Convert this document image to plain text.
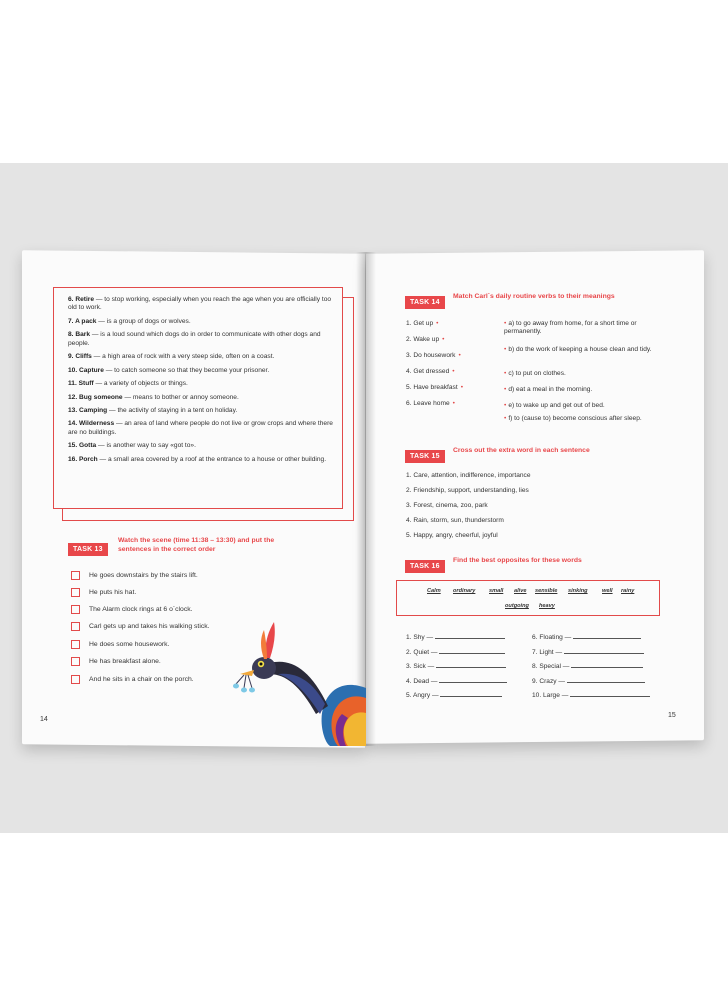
6. Retire — to stop working, especially when you reach the age when you are officially too old to work.

7. A pack — is a group of dogs or wolves.

8. Bark — is a loud sound which dogs do in order to communicate with other dogs and people.

9. Cliffs — a high area of rock with a very steep side, often on a coast.

10. Capture — to catch someone so that they become your prisoner.

11. Stuff — a variety of objects or things.

12. Bug someone — means to bother or annoy someone.

13. Camping — the activity of staying in a tent on holiday.

14. Wilderness — an area of land where people do not live or grow crops and where there are no buildings.

15. Gotta — is another way to say «got to».

16. Porch — a small area covered by a roof at the entrance to a house or other building.

TASK 13
Watch the scene (time 11:38 – 13:30) and put the
sentences in the correct order
He goes downstairs by the stairs lift.
He puts his hat.
The Alarm clock rings at 6 o`clock.
Carl gets up and takes his walking stick.
He does some housework.
He has breakfast alone.
And he sits in a chair on the porch.
14
TASK 14
Match Carl`s daily routine verbs to their meanings
1. Get up •
2. Wake up •
3. Do housework •
4. Get dressed •
5. Have breakfast •
6. Leave home •
• a) to go away from home, for a short time or permanently.
• b) do the work of keeping a house clean and tidy.
• c) to put on clothes.
• d) eat a meal in the morning.
• e) to wake up and get out of bed.
• f) to (cause to) become conscious after sleep.
TASK 15
Cross out the extra word in each sentence
1. Care, attention, indifference, importance
2. Friendship, support, understanding, lies
3. Forest, cinema, zoo, park
4. Rain, storm, sun, thunderstorm
5. Happy, angry, cheerful, joyful
TASK 16
Find the best opposites for these words
Calm ordinary small alive sensible sinking	well rainy
outgoing heavy
1. Shy —
2. Quiet —
3. Sick —
4. Dead —
5. Angry —
6. Floating —
7. Light —
8. Special —
9. Crazy —
10. Large —
15
